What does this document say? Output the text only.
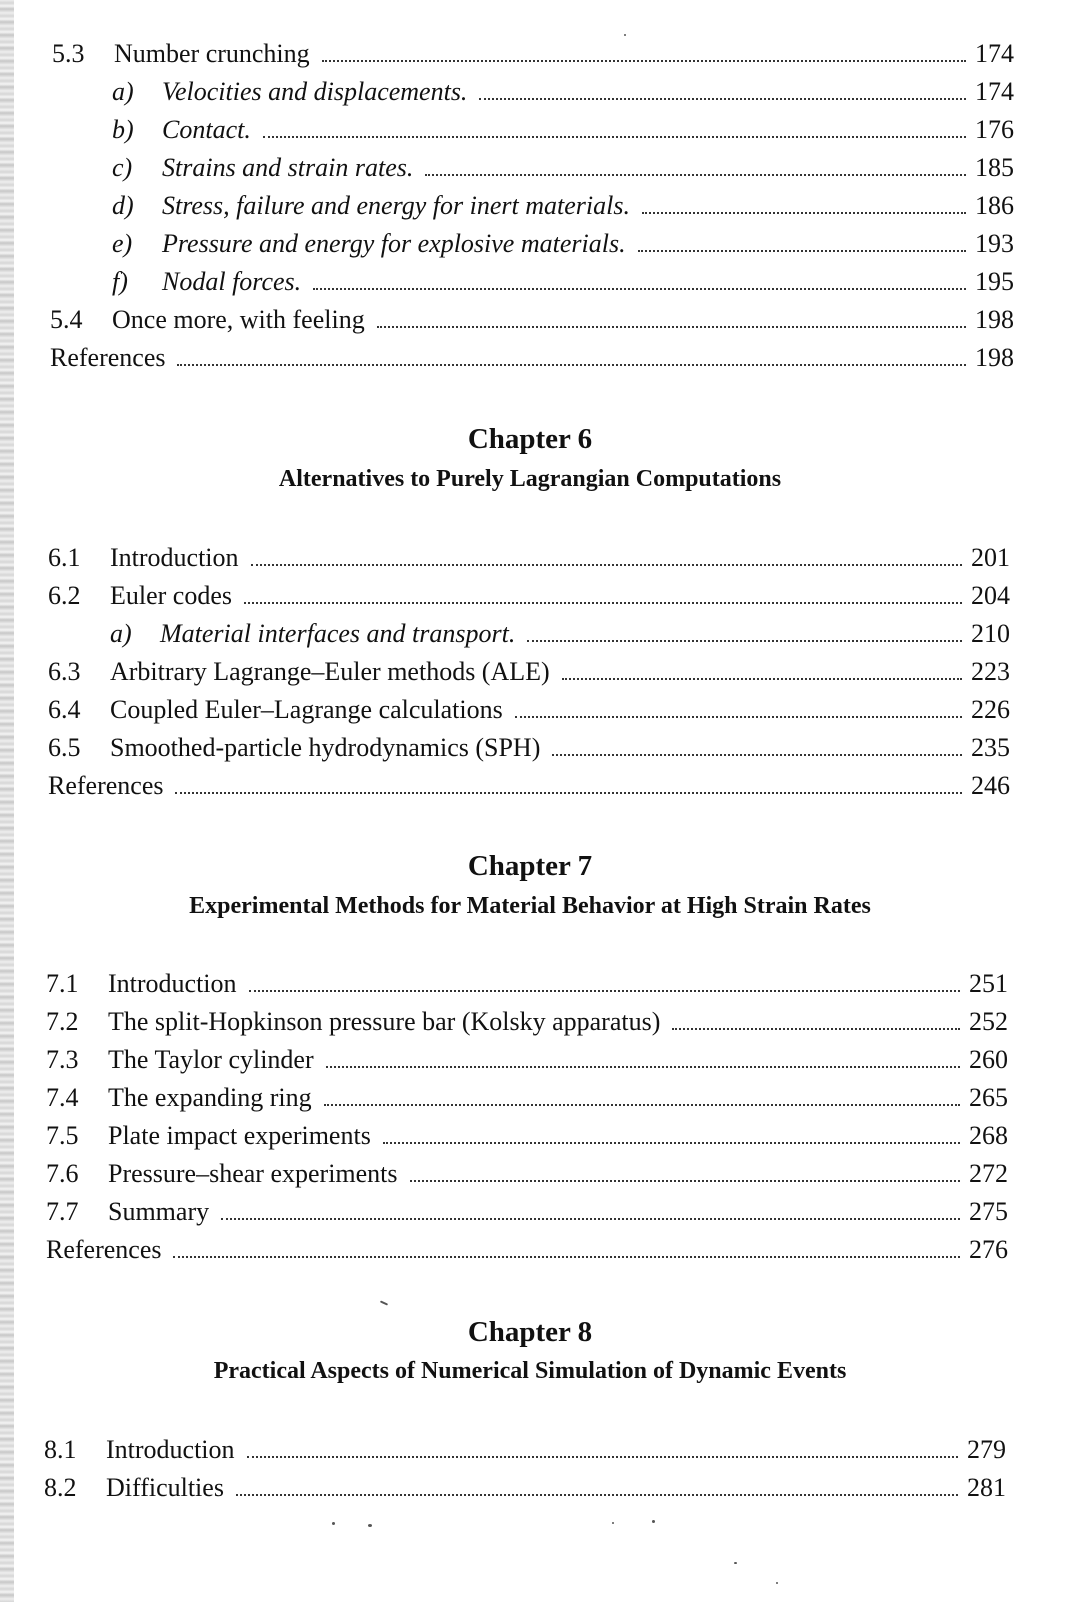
5.3	Number crunching	174
a)	Velocities and displacements.	174
b)	Contact.	176
c)	Strains and strain rates.	185
d)	Stress, failure and energy for inert materials.	186
e)	Pressure and energy for explosive materials.	193
f)	Nodal forces.	195
5.4	Once more, with feeling	198
References	198
Chapter 6
Alternatives to Purely Lagrangian Computations
6.1	Introduction	201
6.2	Euler codes	204
a)	Material interfaces and transport.	210
6.3	Arbitrary Lagrange–Euler methods (ALE)	223
6.4	Coupled Euler–Lagrange calculations	226
6.5	Smoothed-particle hydrodynamics (SPH)	235
References	246
Chapter 7
Experimental Methods for Material Behavior at High Strain Rates
7.1	Introduction	251
7.2	The split-Hopkinson pressure bar (Kolsky apparatus)	252
7.3	The Taylor cylinder	260
7.4	The expanding ring	265
7.5	Plate impact experiments	268
7.6	Pressure–shear experiments	272
7.7	Summary	275
References	276
Chapter 8
Practical Aspects of Numerical Simulation of Dynamic Events
8.1	Introduction	279
8.2	Difficulties	281
